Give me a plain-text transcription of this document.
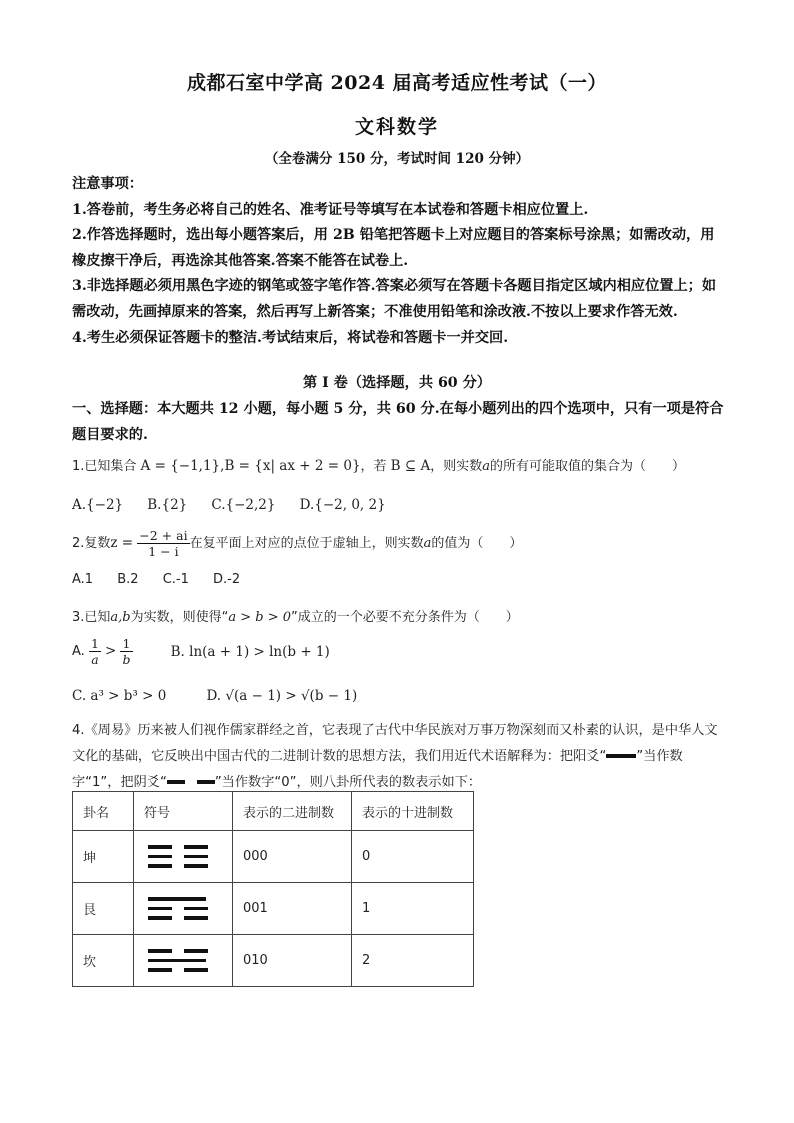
成都石室中学高 2024 届高考适应性考试（一）
文科数学
（全卷满分 150 分，考试时间 120 分钟）

注意事项：

1.答卷前，考生务必将自己的姓名、准考证号等填写在本试卷和答题卡相应位置上.

2.作答选择题时，选出每小题答案后，用 2B 铅笔把答题卡上对应题目的答案标号涂黑；如需改动，用橡皮擦干净后，再选涂其他答案.答案不能答在试卷上.

3.非选择题必须用黑色字迹的钢笔或签字笔作答.答案必须写在答题卡各题目指定区域内相应位置上；如需改动，先画掉原来的答案，然后再写上新答案；不准使用铅笔和涂改液.不按以上要求作答无效.

4.考生必须保证答题卡的整洁.考试结束后，将试卷和答题卡一并交回.

第 I 卷（选择题，共 60 分）
一、选择题：本大题共 12 小题，每小题 5 分，共 60 分.在每小题列出的四个选项中，只有一项是符合题目要求的.
1.已知集合 A = {−1,1},B = {x| ax + 2 = 0}，若 B ⊆ A，则实数a的所有可能取值的集合为（　　）
A.{−2} B.{2} C.{−2,2} D.{−2, 0, 2}
2.复数$z = \frac{-2 + ai}{1 - i}$ 在复平面上对应的点位于虚轴上，则实数a的值为（　　）
A.1 B.2 C.-1 D.-2
3.已知a,b为实数，则使得“a > b > 0”成立的一个必要不充分条件为（　　）
A. $\frac{1}{a} > \frac{1}{b}$	B. ln(a + 1) > ln(b + 1)
C. a³ > b³ > 0	D. √(a − 1) > √(b − 1)
4.《周易》历来被人们视作儒家群经之首，它表现了古代中华民族对万事万物深刻而又朴素的认识，是中华人文文化的基础，它反映出中国古代的二进制计数的思想方法，我们用近代术语解释为：把阳爻“ ”当作数字“1”，把阴爻“	”当作数字“0”，则八卦所代表的数表示如下：
卦名	符号	表示的二进制数	表示的十进制数
坤		000	0
艮		001	1
坎		010	2
